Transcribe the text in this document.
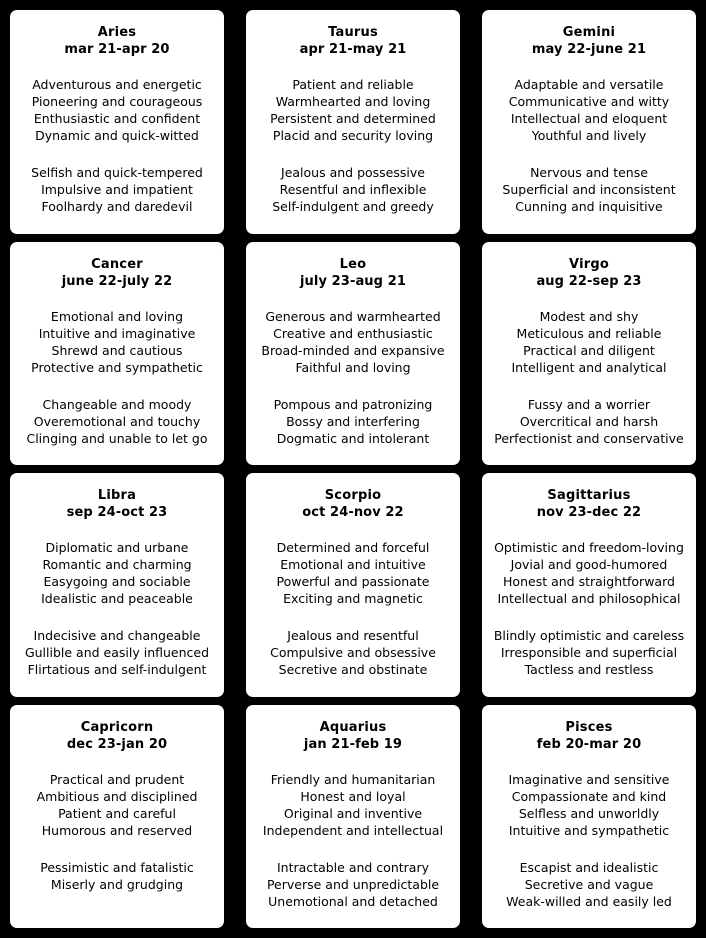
Aries
mar 21-apr 20
Adventurous and energetic
Pioneering and courageous
Enthusiastic and confident
Dynamic and quick-witted
Selfish and quick-tempered
Impulsive and impatient
Foolhardy and daredevil
Taurus
apr 21-may 21
Patient and reliable
Warmhearted and loving
Persistent and determined
Placid and security loving
Jealous and possessive
Resentful and inflexible
Self-indulgent and greedy
Gemini
may 22-june 21
Adaptable and versatile
Communicative and witty
Intellectual and eloquent
Youthful and lively
Nervous and tense
Superficial and inconsistent
Cunning and inquisitive
Cancer
june 22-july 22
Emotional and loving
Intuitive and imaginative
Shrewd and cautious
Protective and sympathetic
Changeable and moody
Overemotional and touchy
Clinging and unable to let go
Leo
july 23-aug 21
Generous and warmhearted
Creative and enthusiastic
Broad-minded and expansive
Faithful and loving
Pompous and patronizing
Bossy and interfering
Dogmatic and intolerant
Virgo
aug 22-sep 23
Modest and shy
Meticulous and reliable
Practical and diligent
Intelligent and analytical
Fussy and a worrier
Overcritical and harsh
Perfectionist and conservative
Libra
sep 24-oct 23
Diplomatic and urbane
Romantic and charming
Easygoing and sociable
Idealistic and peaceable
Indecisive and changeable
Gullible and easily influenced
Flirtatious and self-indulgent
Scorpio
oct 24-nov 22
Determined and forceful
Emotional and intuitive
Powerful and passionate
Exciting and magnetic
Jealous and resentful
Compulsive and obsessive
Secretive and obstinate
Sagittarius
nov 23-dec 22
Optimistic and freedom-loving
Jovial and good-humored
Honest and straightforward
Intellectual and philosophical
Blindly optimistic and careless
Irresponsible and superficial
Tactless and restless
Capricorn
dec 23-jan 20
Practical and prudent
Ambitious and disciplined
Patient and careful
Humorous and reserved
Pessimistic and fatalistic
Miserly and grudging
Aquarius
jan 21-feb 19
Friendly and humanitarian
Honest and loyal
Original and inventive
Independent and intellectual
Intractable and contrary
Perverse and unpredictable
Unemotional and detached
Pisces
feb 20-mar 20
Imaginative and sensitive
Compassionate and kind
Selfless and unworldly
Intuitive and sympathetic
Escapist and idealistic
Secretive and vague
Weak-willed and easily led
